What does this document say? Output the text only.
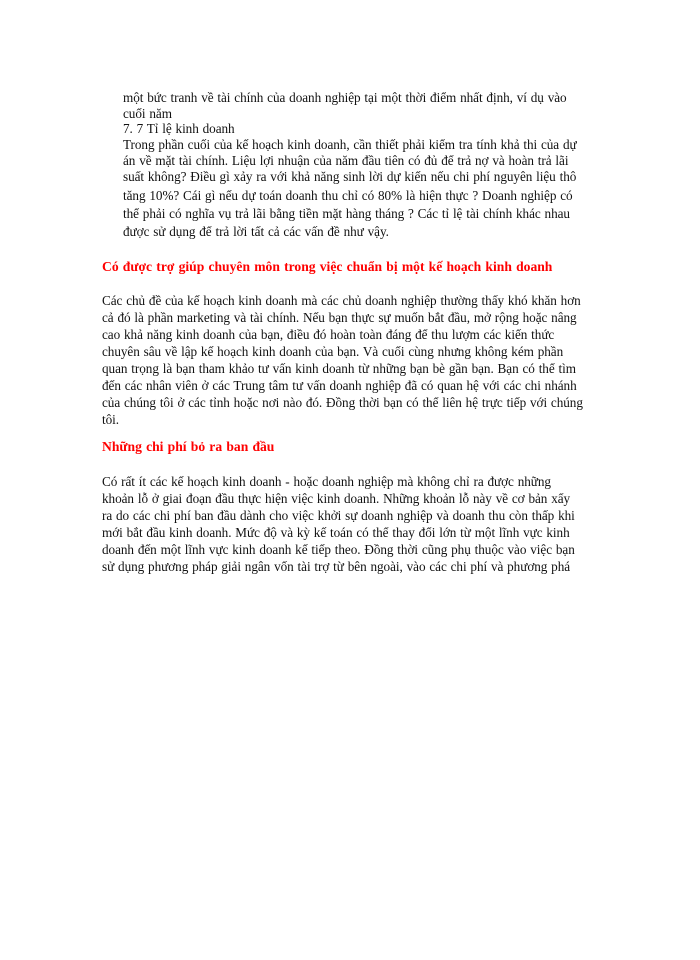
một bức tranh về tài chính của doanh nghiệp tại một thời điểm nhất định, ví dụ vào
cuối năm
7. 7 Tỉ lệ kinh doanh
Trong phần cuối của kế hoạch kinh doanh, cần thiết phải kiểm tra tính khả thi của dự
án về mặt tài chính. Liệu lợi nhuận của năm đầu tiên có đủ để trả nợ và hoàn trả lãi
suất không? Điều gì xảy ra với khả năng sinh lời dự kiến nếu chi phí nguyên liệu thô
tăng 10%? Cái gì nếu dự toán doanh thu chỉ có 80% là hiện thực ? Doanh nghiệp có
thể phải có nghĩa vụ trả lãi bằng tiền mặt hàng tháng ? Các tỉ lệ tài chính khác nhau
được sử dụng để trả lời tất cả các vấn đề như vậy.
Có được trợ giúp chuyên môn trong việc chuẩn bị một kế hoạch kinh doanh
Các chủ đề của kế hoạch kinh doanh mà các chủ doanh nghiệp thường thấy khó khăn hơn
cả đó là phần marketing và tài chính. Nếu bạn thực sự muốn bắt đầu, mở rộng hoặc nâng
cao khả năng kinh doanh của bạn, điều đó hoàn toàn đáng để thu lượm các kiến thức
chuyên sâu về lập kế hoạch kinh doanh của bạn. Và cuối cùng nhưng không kém phần
quan trọng là bạn tham khảo tư vấn kinh doanh từ những bạn bè gần bạn. Bạn có thể tìm
đến các nhân viên ở các Trung tâm tư vấn doanh nghiệp đã có quan hệ với các chi nhánh
của chúng tôi ở các tỉnh hoặc nơi nào đó. Đồng thời bạn có thể liên hệ trực tiếp với chúng
tôi.
Những chi phí bỏ ra ban đầu
Có rất ít các kế hoạch kinh doanh - hoặc doanh nghiệp mà không chỉ ra được những
khoản lỗ ở giai đoạn đầu thực hiện việc kinh doanh. Những khoản lỗ này về cơ bản xẩy
ra do các chi phí ban đầu dành cho việc khởi sự doanh nghiệp và doanh thu còn thấp khi
mới bắt đầu kinh doanh. Mức độ và kỳ kế toán có thể thay đổi lớn từ một lĩnh vực kinh
doanh đến một lĩnh vực kinh doanh kế tiếp theo. Đồng thời cũng phụ thuộc vào việc bạn
sử dụng phương pháp giải ngân vốn tài trợ từ bên ngoài, vào các chi phí và phương phá
